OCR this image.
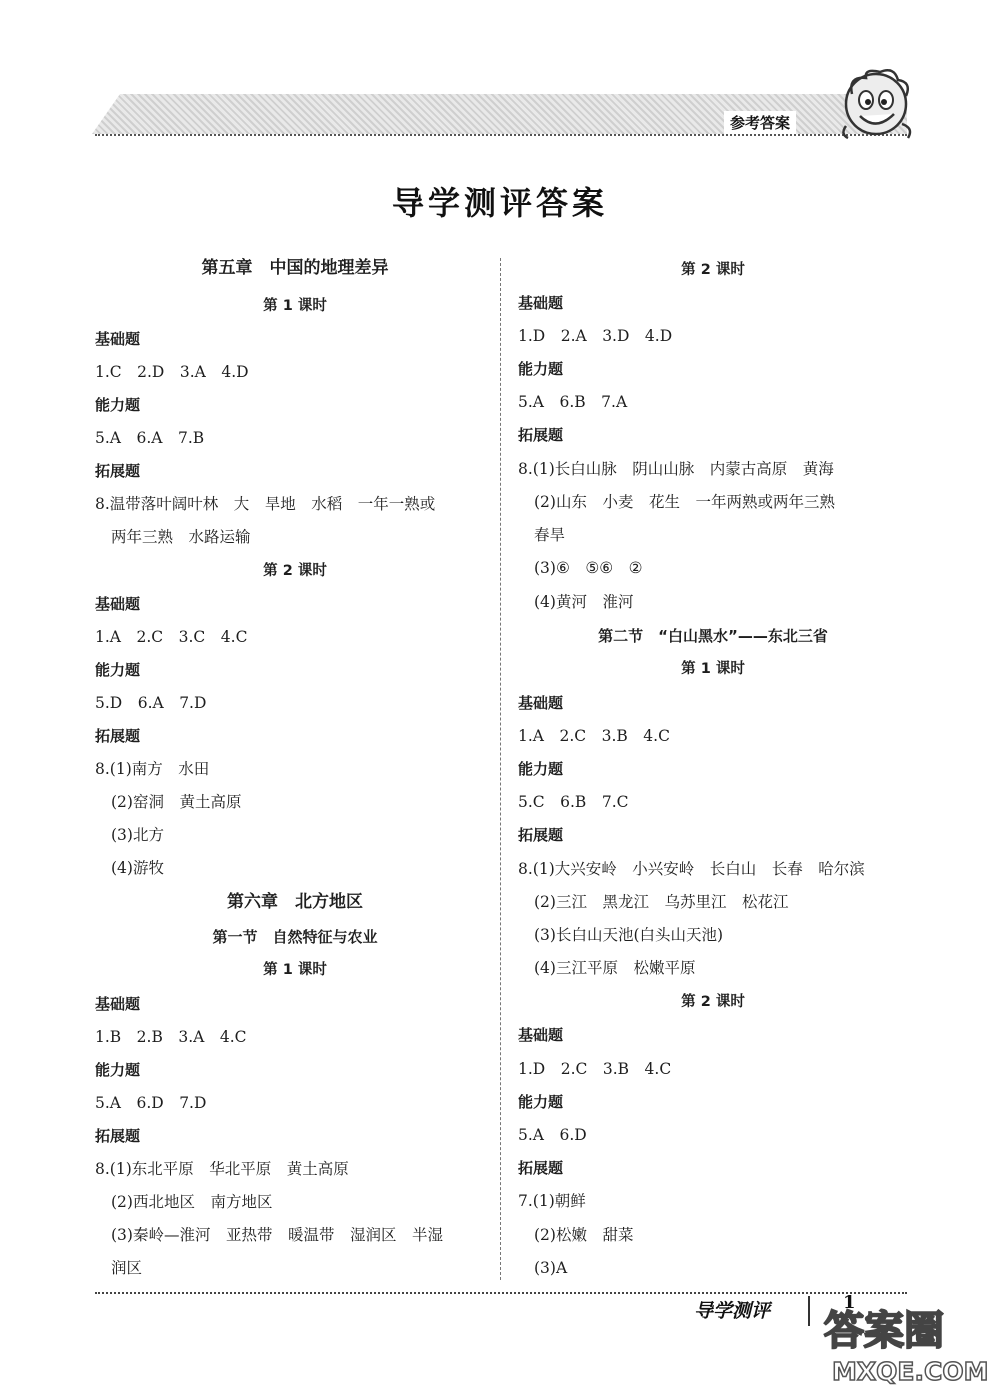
参考答案
导学测评答案
第五章　中国的地理差异
第 1 课时
基础题
1.C　2.D　3.A　4.D
能力题
5.A　6.A　7.B
拓展题
8.温带落叶阔叶林　大　旱地　水稻　一年一熟或
两年三熟　水路运输
第 2 课时
基础题
1.A　2.C　3.C　4.C
能力题
5.D　6.A　7.D
拓展题
8.(1)南方　水田
(2)窑洞　黄土高原
(3)北方
(4)游牧
第六章　北方地区
第一节　自然特征与农业
第 1 课时
基础题
1.B　2.B　3.A　4.C
能力题
5.A　6.D　7.D
拓展题
8.(1)东北平原　华北平原　黄土高原
(2)西北地区　南方地区
(3)秦岭—淮河　亚热带　暖温带　湿润区　半湿
润区
第 2 课时
基础题
1.D　2.A　3.D　4.D
能力题
5.A　6.B　7.A
拓展题
8.(1)长白山脉　阴山山脉　内蒙古高原　黄海
(2)山东　小麦　花生　一年两熟或两年三熟
春旱
(3)⑥　⑤⑥　②
(4)黄河　淮河
第二节　“白山黑水”——东北三省
第 1 课时
基础题
1.A　2.C　3.B　4.C
能力题
5.C　6.B　7.C
拓展题
8.(1)大兴安岭　小兴安岭　长白山　长春　哈尔滨
(2)三江　黑龙江　乌苏里江　松花江
(3)长白山天池(白头山天池)
(4)三江平原　松嫩平原
第 2 课时
基础题
1.D　2.C　3.B　4.C
能力题
5.A　6.D
拓展题
7.(1)朝鲜
(2)松嫩　甜菜
(3)A
导学测评	1
答案圈
MXQE.COM
